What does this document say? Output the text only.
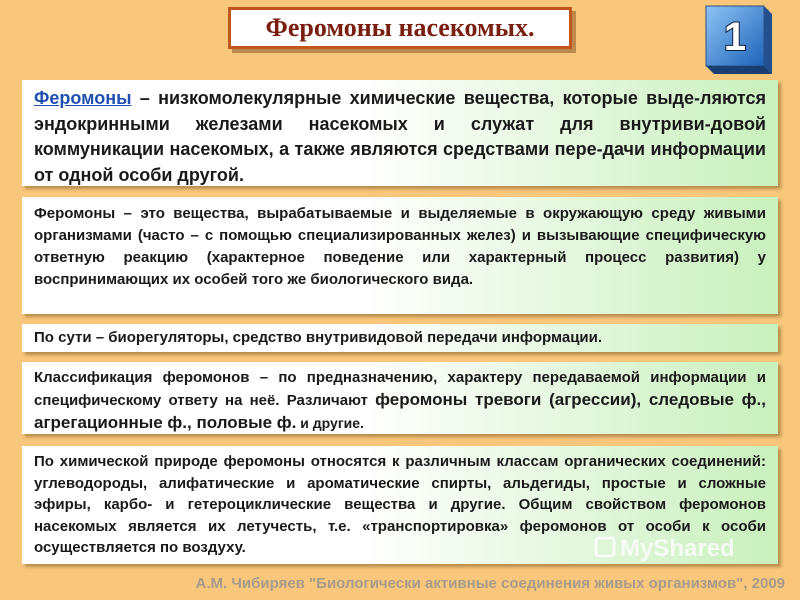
Феромоны насекомых.	1
Феромоны – низкомолекулярные химические вещества, которые выде-ляются эндокринными железами насекомых и служат для внутриви-довой коммуникации насекомых, а также являются средствами пере-дачи информации от одной особи другой.
Феромоны – это вещества, вырабатываемые и выделяемые в окружающую среду живыми организмами (часто – с помощью специализированных желез) и вызывающие специфическую ответную реакцию (характерное поведение или характерный процесс развития) у воспринимающих их особей того же биологического вида.
По сути – биорегуляторы, средство внутривидовой передачи информации.
Классификация феромонов – по предназначению, характеру передаваемой информации и специфическому ответу на неё. Различают феромоны тревоги (агрессии), следовые ф., агрегационные ф., половые ф. и другие.
По химической природе феромоны относятся к различным классам органических соединений: углеводороды, алифатические и ароматические спирты, альдегиды, простые и сложные эфиры, карбо- и гетероциклические вещества и другие. Общим свойством феромонов насекомых является их летучесть, т.е. «транспортировка» феромонов от особи к особи осуществляется по воздуху.	MyShared
А.М. Чибиряев "Биологически активные соединения живых организмов", 2009
